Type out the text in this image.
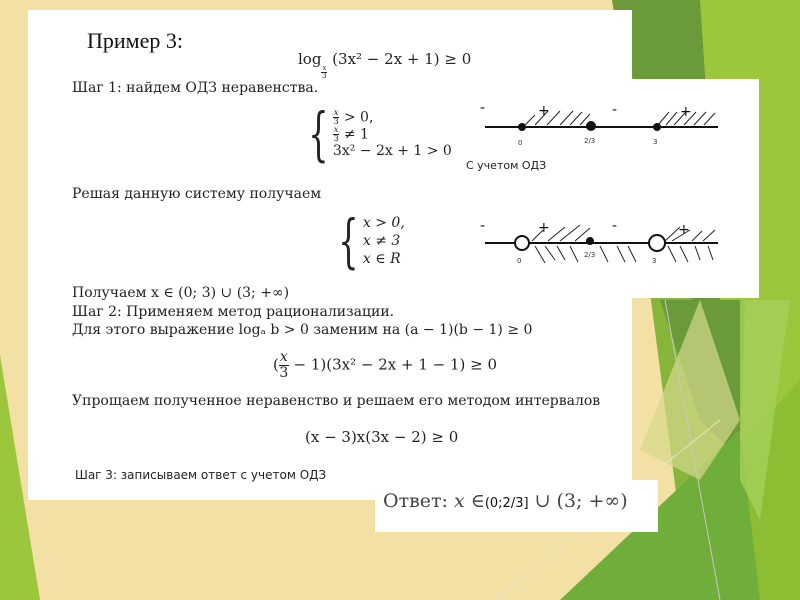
Пример 3:
log
$\frac{x}{3}$
(3x² − 2x + 1) ≥ 0
Шаг 1: найдем ОДЗ неравенства.
{ $\frac{x}{3} > 0$,
$\frac{x}{3} \ne 1$
3x² − 2x + 1 > 0
Решая данную систему получаем
{ x > 0,
x ≠ 3
x ∈ R
Получаем x ∈ (0; 3) ∪ (3; +∞)
Шаг 2: Применяем метод рационализации.
Для этого выражение logₐ b > 0 заменим на (a − 1)(b − 1) ≥ 0
( $\frac{x}{3} - 1)(3x^2 - 2x + 1 - 1) \ge 0$
Упрощаем полученное неравенство и решаем его методом интервалов
(x − 3)x(3x − 2) ≥ 0
Шаг 3: записываем ответ с учетом ОДЗ
Ответ: x ∈(0;2/3] ∪ (3; +∞)
-	+	-	+
0	2/3	3
С учетом ОДЗ
-	+	-	+
0
2/3
3
